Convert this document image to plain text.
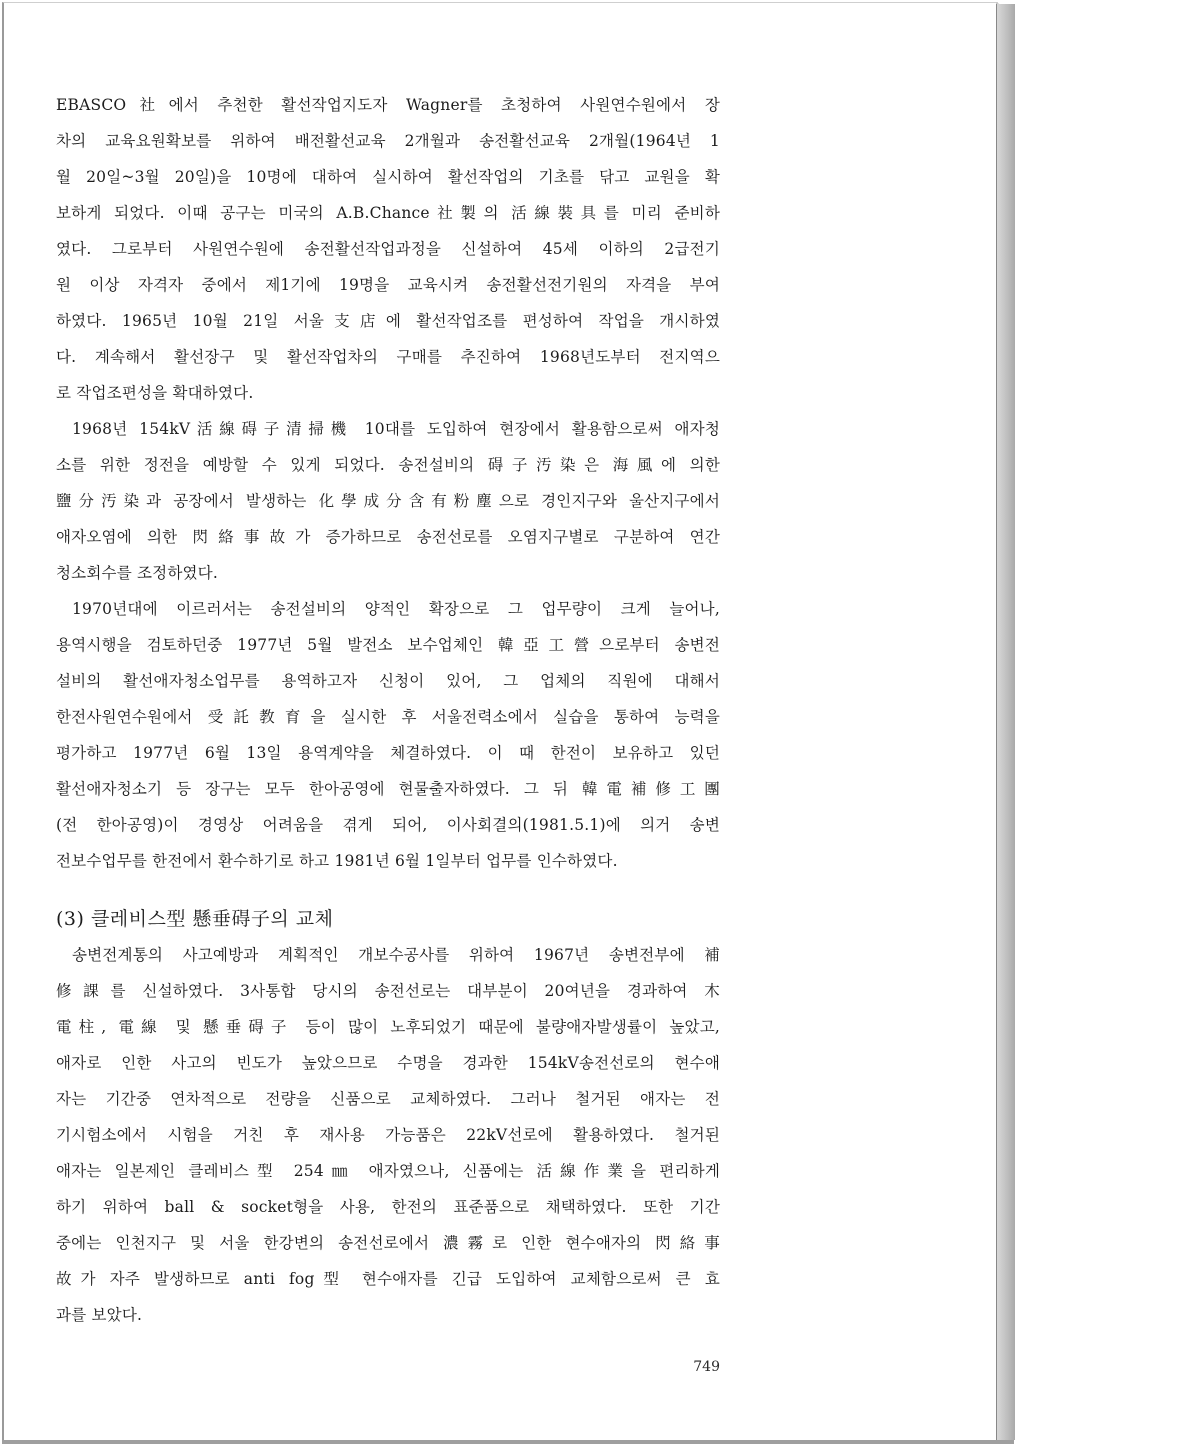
EBASCO社에서 추천한 활선작업지도자 Wagner를 초청하여 사원연수원에서 장
차의 교육요원확보를 위하여 배전활선교육 2개월과 송전활선교육 2개월(1964년 1
월 20일~3월 20일)을 10명에 대하여 실시하여 활선작업의 기초를 닦고 교원을 확
보하게 되었다. 이때 공구는 미국의 A.B.Chance社製의 活線裝具를 미리 준비하
였다. 그로부터 사원연수원에 송전활선작업과정을 신설하여 45세 이하의 2급전기
원 이상 자격자 중에서 제1기에 19명을 교육시켜 송전활선전기원의 자격을 부여
하였다. 1965년 10월 21일 서울支店에 활선작업조를 편성하여 작업을 개시하였
다. 계속해서 활선장구 및 활선작업차의 구매를 추진하여 1968년도부터 전지역으
로 작업조편성을 확대하였다.
1968년 154kV活線碍子清掃機 10대를 도입하여 현장에서 활용함으로써 애자청
소를 위한 정전을 예방할 수 있게 되었다. 송전설비의 碍子汚染은 海風에 의한
鹽分汚染과 공장에서 발생하는 化學成分含有粉塵으로 경인지구와 울산지구에서
애자오염에 의한 閃絡事故가 증가하므로 송전선로를 오염지구별로 구분하여 연간
청소회수를 조정하였다.
1970년대에 이르러서는 송전설비의 양적인 확장으로 그 업무량이 크게 늘어나,
용역시행을 검토하던중 1977년 5월 발전소 보수업체인 韓亞工營으로부터 송변전
설비의 활선애자청소업무를 용역하고자 신청이 있어, 그 업체의 직원에 대해서
한전사원연수원에서 受託教育을 실시한 후 서울전력소에서 실습을 통하여 능력을
평가하고 1977년 6월 13일 용역계약을 체결하였다. 이 때 한전이 보유하고 있던
활선애자청소기 등 장구는 모두 한아공영에 현물출자하였다. 그 뒤 韓電補修工團
(전 한아공영)이 경영상 어려움을 겪게 되어, 이사회결의(1981.5.1)에 의거 송변
전보수업무를 한전에서 환수하기로 하고 1981년 6월 1일부터 업무를 인수하였다.
(3) 클레비스型 懸垂碍子의 교체
송변전계통의 사고예방과 계획적인 개보수공사를 위하여 1967년 송변전부에 補
修課를 신설하였다. 3사통합 당시의 송전선로는 대부분이 20여년을 경과하여 木
電柱, 電線 및 懸垂碍子 등이 많이 노후되었기 때문에 불량애자발생률이 높았고,
애자로 인한 사고의 빈도가 높았으므로 수명을 경과한 154kV송전선로의 현수애
자는 기간중 연차적으로 전량을 신품으로 교체하였다. 그러나 철거된 애자는 전
기시험소에서 시험을 거친 후 재사용 가능품은 22kV선로에 활용하였다. 철거된
애자는 일본제인 클레비스型 254㎜ 애자였으나, 신품에는 活線作業을 편리하게
하기 위하여 ball & socket형을 사용, 한전의 표준품으로 채택하였다. 또한 기간
중에는 인천지구 및 서울 한강변의 송전선로에서 濃霧로 인한 현수애자의 閃絡事
故가 자주 발생하므로 anti fog型 현수애자를 긴급 도입하여 교체함으로써 큰 효
과를 보았다.
749
